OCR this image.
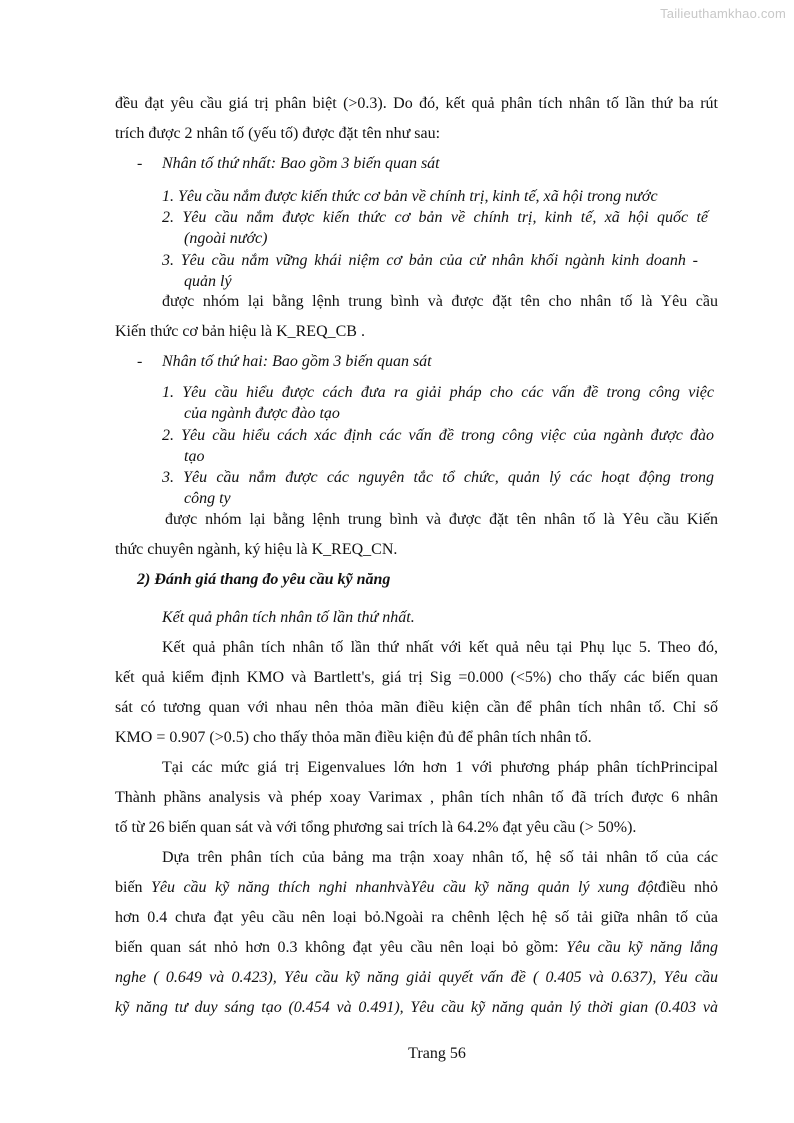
Tailieuthamkhao.com
đều đạt yêu cầu giá trị phân biệt (>0.3). Do đó, kết quả phân tích nhân tố lần thứ ba rút
trích được 2 nhân tố (yếu tố) được đặt tên như sau:
- Nhân tố thứ nhất: Bao gồm 3 biến quan sát
1. Yêu cầu nắm được kiến thức cơ bản về chính trị, kinh tế, xã hội trong nước
2. Yêu cầu nắm được kiến thức cơ bản về chính trị, kinh tế, xã hội quốc tế
(ngoài nước)
3. Yêu cầu nắm vững khái niệm cơ bản của cử nhân khối ngành kinh doanh -
quản lý
được nhóm lại bằng lệnh trung bình và được đặt tên cho nhân tố là Yêu cầu
Kiến thức cơ bản hiệu là K_REQ_CB .
- Nhân tố thứ hai: Bao gồm 3 biến quan sát
1. Yêu cầu hiểu được cách đưa ra giải pháp cho các vấn đề trong công việc
của ngành được đào tạo
2. Yêu cầu hiểu cách xác định các vấn đề trong công việc của ngành được đào
tạo
3. Yêu cầu nắm được các nguyên tắc tổ chức, quản lý các hoạt động trong
công ty
được nhóm lại bằng lệnh trung bình và được đặt tên nhân tố là Yêu cầu Kiến
thức chuyên ngành, ký hiệu là K_REQ_CN.
2) Đánh giá thang đo yêu cầu kỹ năng
Kết quả phân tích nhân tố lần thứ nhất.
Kết quả phân tích nhân tố lần thứ nhất với kết quả nêu tại Phụ lục 5. Theo đó,
kết quả kiểm định KMO và Bartlett's, giá trị Sig =0.000 (<5%) cho thấy các biến quan
sát có tương quan với nhau nên thỏa mãn điều kiện cần để phân tích nhân tố. Chỉ số
KMO = 0.907 (>0.5) cho thấy thỏa mãn điều kiện đủ để phân tích nhân tố.
Tại các mức giá trị Eigenvalues lớn hơn 1 với phương pháp phân tíchPrincipal
Thành phầns analysis và phép xoay Varimax , phân tích nhân tố đã trích được 6 nhân
tố từ 26 biến quan sát và với tổng phương sai trích là 64.2% đạt yêu cầu (> 50%).
Dựa trên phân tích của bảng ma trận xoay nhân tố, hệ số tải nhân tố của các
biến Yêu cầu kỹ năng thích nghi nhanhvàYêu cầu kỹ năng quản lý xung độtđiều nhỏ
hơn 0.4 chưa đạt yêu cầu nên loại bỏ.Ngoài ra chênh lệch hệ số tải giữa nhân tố của
biến quan sát nhỏ hơn 0.3 không đạt yêu cầu nên loại bỏ gồm: Yêu cầu kỹ năng lắng
nghe ( 0.649 và 0.423), Yêu cầu kỹ năng giải quyết vấn đề ( 0.405 và 0.637), Yêu cầu
kỹ năng tư duy sáng tạo (0.454 và 0.491), Yêu cầu kỹ năng quản lý thời gian (0.403 và
Trang 56
